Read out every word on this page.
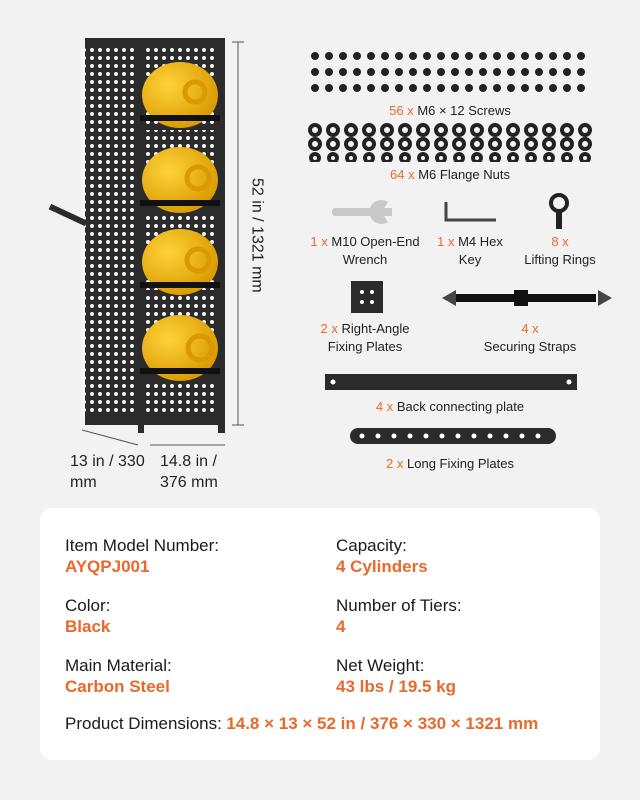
52 in / 1321 mm
13 in / 330 mm
14.8 in / 376 mm
56 x M6 × 12 Screws
64 x M6 Flange Nuts
1 x M10 Open-End Wrench
1 x M4 Hex Key
8 x
Lifting Rings
2 x Right-Angle Fixing Plates
4 x
Securing Straps
4 x Back connecting plate
2 x Long Fixing Plates
Item Model Number:
AYQPJ001
Capacity:
4 Cylinders
Color:
Black
Number of Tiers:
4
Main Material:
Carbon Steel
Net Weight:
43 lbs / 19.5 kg
Product Dimensions: 14.8 × 13 × 52 in / 376 × 330 × 1321 mm
